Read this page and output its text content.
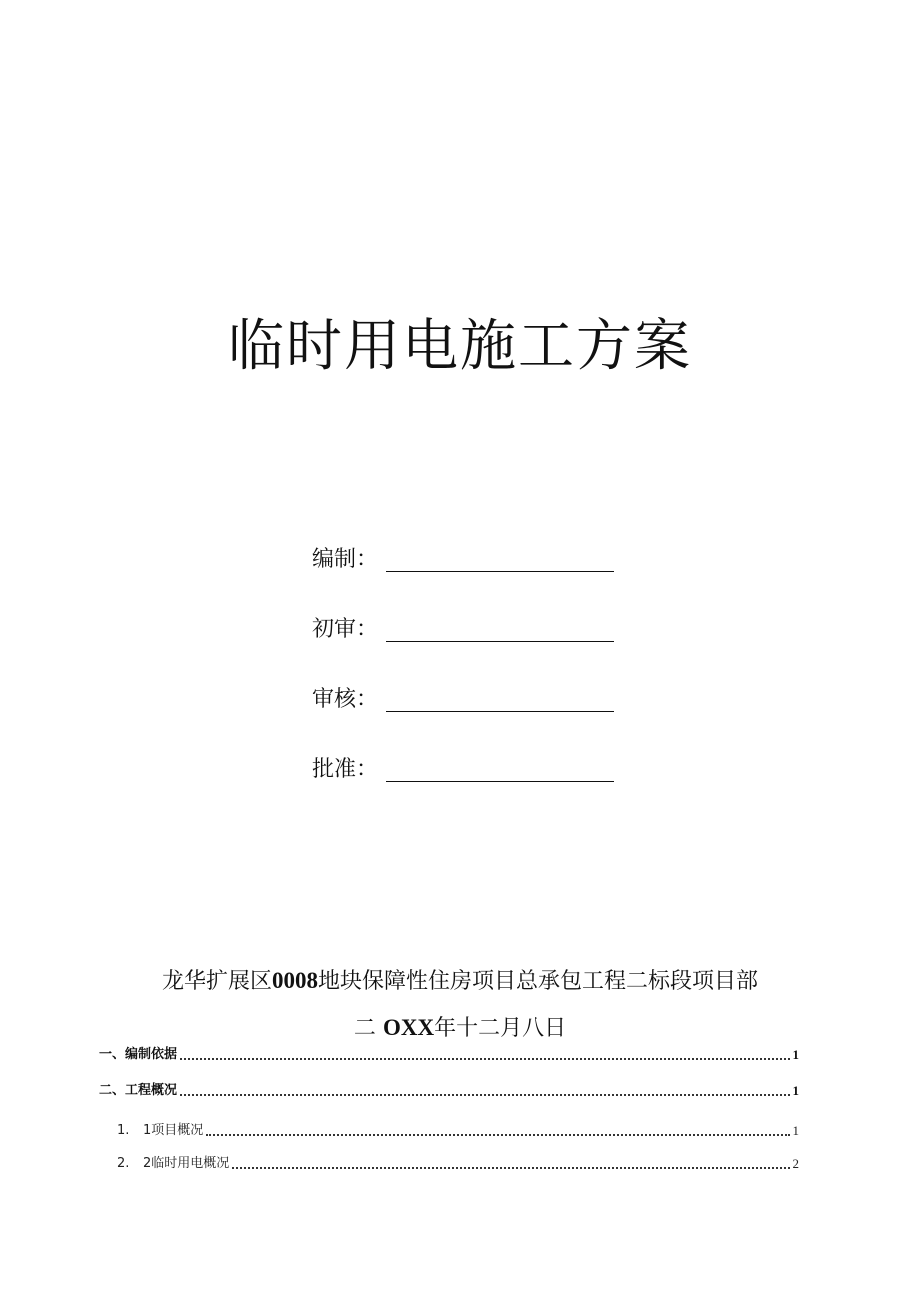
临时用电施工方案
编制：
初审：
审核：
批准：
龙华扩展区0008地块保障性住房项目总承包工程二标段项目部
二 OXX年十二月八日
一、编制依据	1
二、工程概况	1
1. 1项目概况	1
2. 2临时用电概况	2
